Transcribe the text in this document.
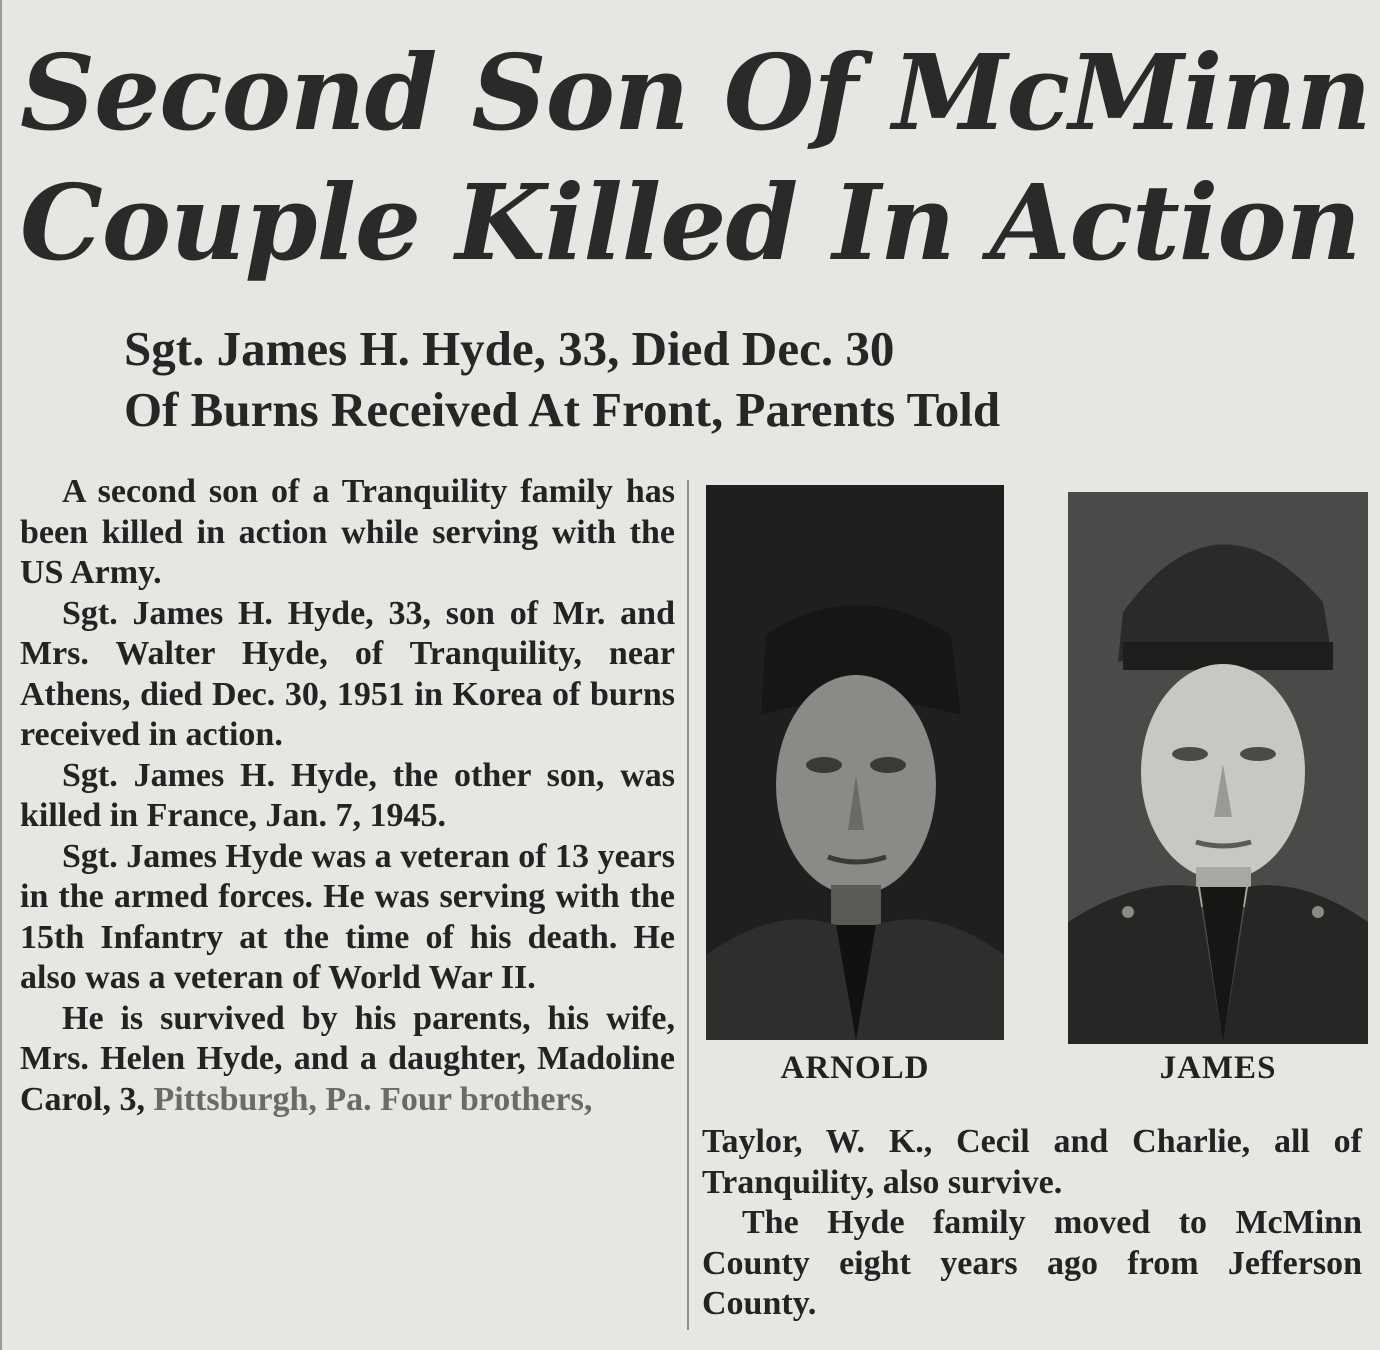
Second Son Of McMinn
Couple Killed In Action
Sgt. James H. Hyde, 33, Died Dec. 30
Of Burns Received At Front, Parents Told

A second son of a Tranquility family has been killed in action while serving with the US Army.

Sgt. James H. Hyde, 33, son of Mr. and Mrs. Walter Hyde, of Tranquility, near Athens, died Dec. 30, 1951 in Korea of burns received in action.

Sgt. James H. Hyde, the other son, was killed in France, Jan. 7, 1945.

Sgt. James Hyde was a veteran of 13 years in the armed forces. He was serving with the 15th Infantry at the time of his death. He also was a veteran of World War II.

He is survived by his parents, his wife, Mrs. Helen Hyde, and a daughter, Madoline Carol, 3, Pittsburgh, Pa. Four brothers,

ARNOLD	JAMES

Taylor, W. K., Cecil and Charlie, all of Tranquility, also survive.

The Hyde family moved to McMinn County eight years ago from Jefferson County.
